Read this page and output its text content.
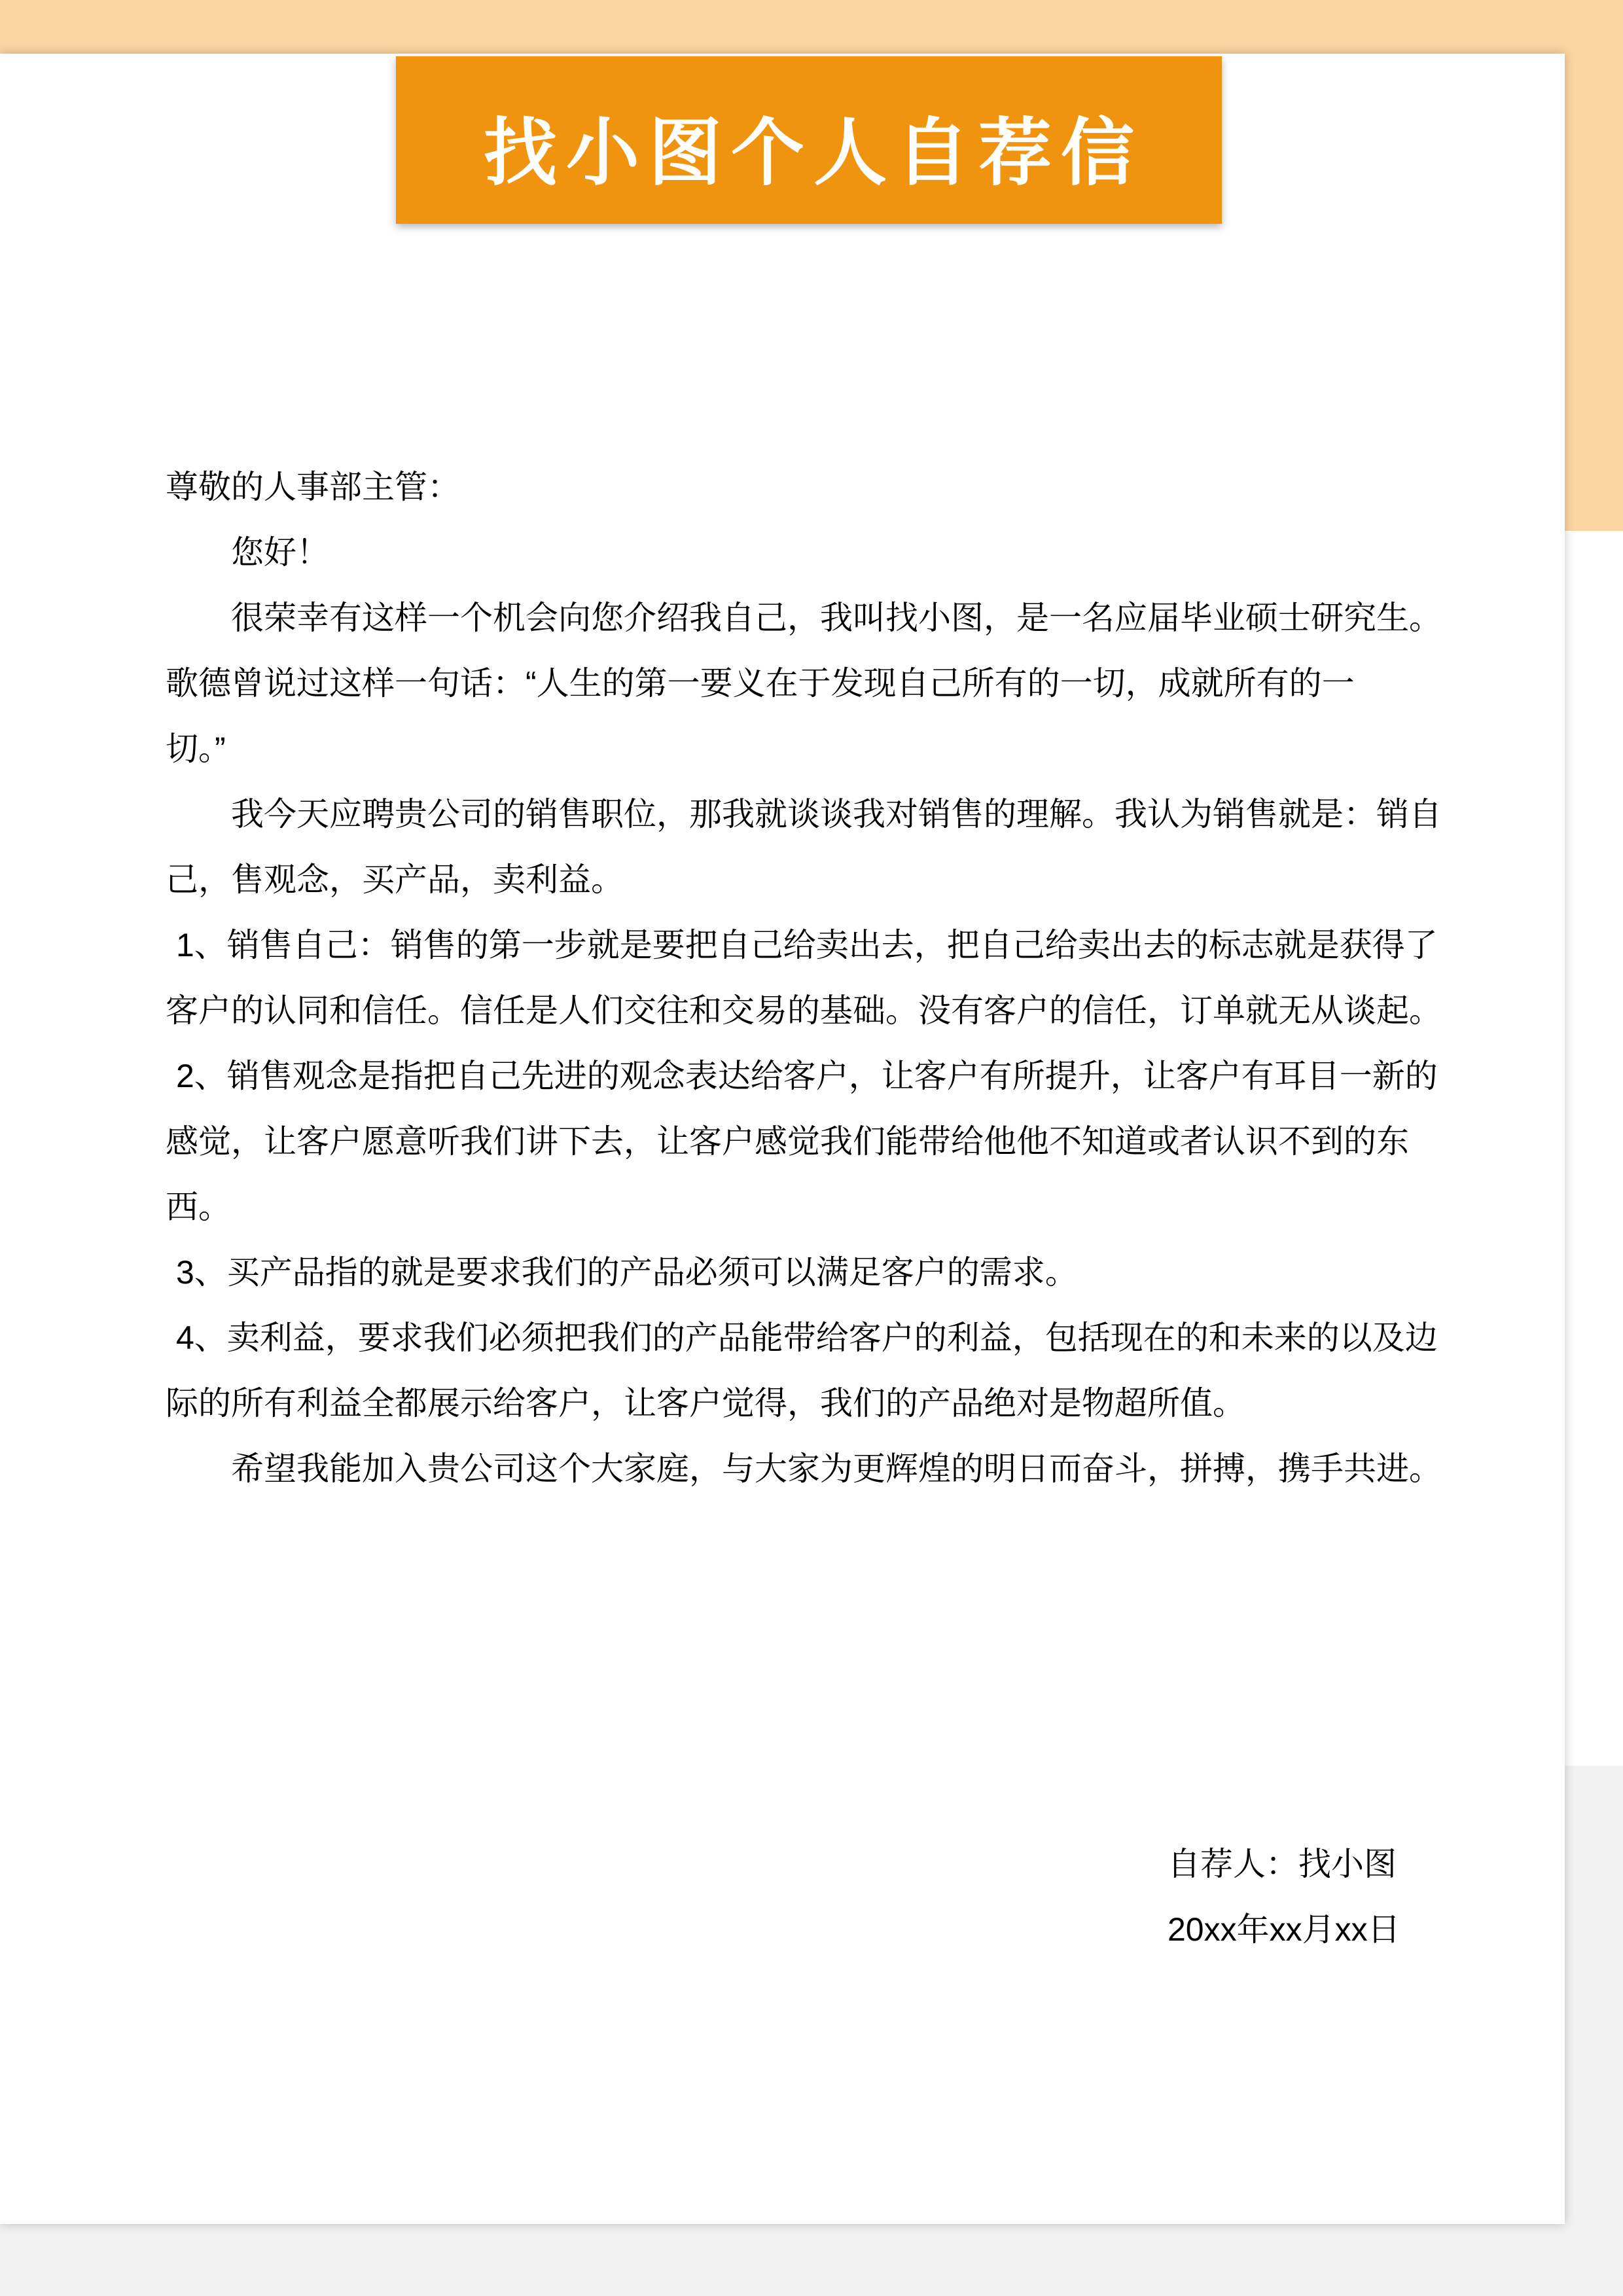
找小图个人自荐信
尊敬的人事部主管：
您好！
很荣幸有这样一个机会向您介绍我自己，我叫找小图，是一名应届毕业硕士研究生。
歌德曾说过这样一句话：“人生的第一要义在于发现自己所有的一切，成就所有的一
切。”
我今天应聘贵公司的销售职位，那我就谈谈我对销售的理解。我认为销售就是：销自
己，售观念，买产品，卖利益。
1、销售自己：销售的第一步就是要把自己给卖出去，把自己给卖出去的标志就是获得了
客户的认同和信任。信任是人们交往和交易的基础。没有客户的信任，订单就无从谈起。
2、销售观念是指把自己先进的观念表达给客户，让客户有所提升，让客户有耳目一新的
感觉，让客户愿意听我们讲下去，让客户感觉我们能带给他他不知道或者认识不到的东
西。
3、买产品指的就是要求我们的产品必须可以满足客户的需求。
4、卖利益，要求我们必须把我们的产品能带给客户的利益，包括现在的和未来的以及边
际的所有利益全都展示给客户，让客户觉得，我们的产品绝对是物超所值。
希望我能加入贵公司这个大家庭，与大家为更辉煌的明日而奋斗，拼搏，携手共进。
自荐人：找小图
20xx年xx月xx日
